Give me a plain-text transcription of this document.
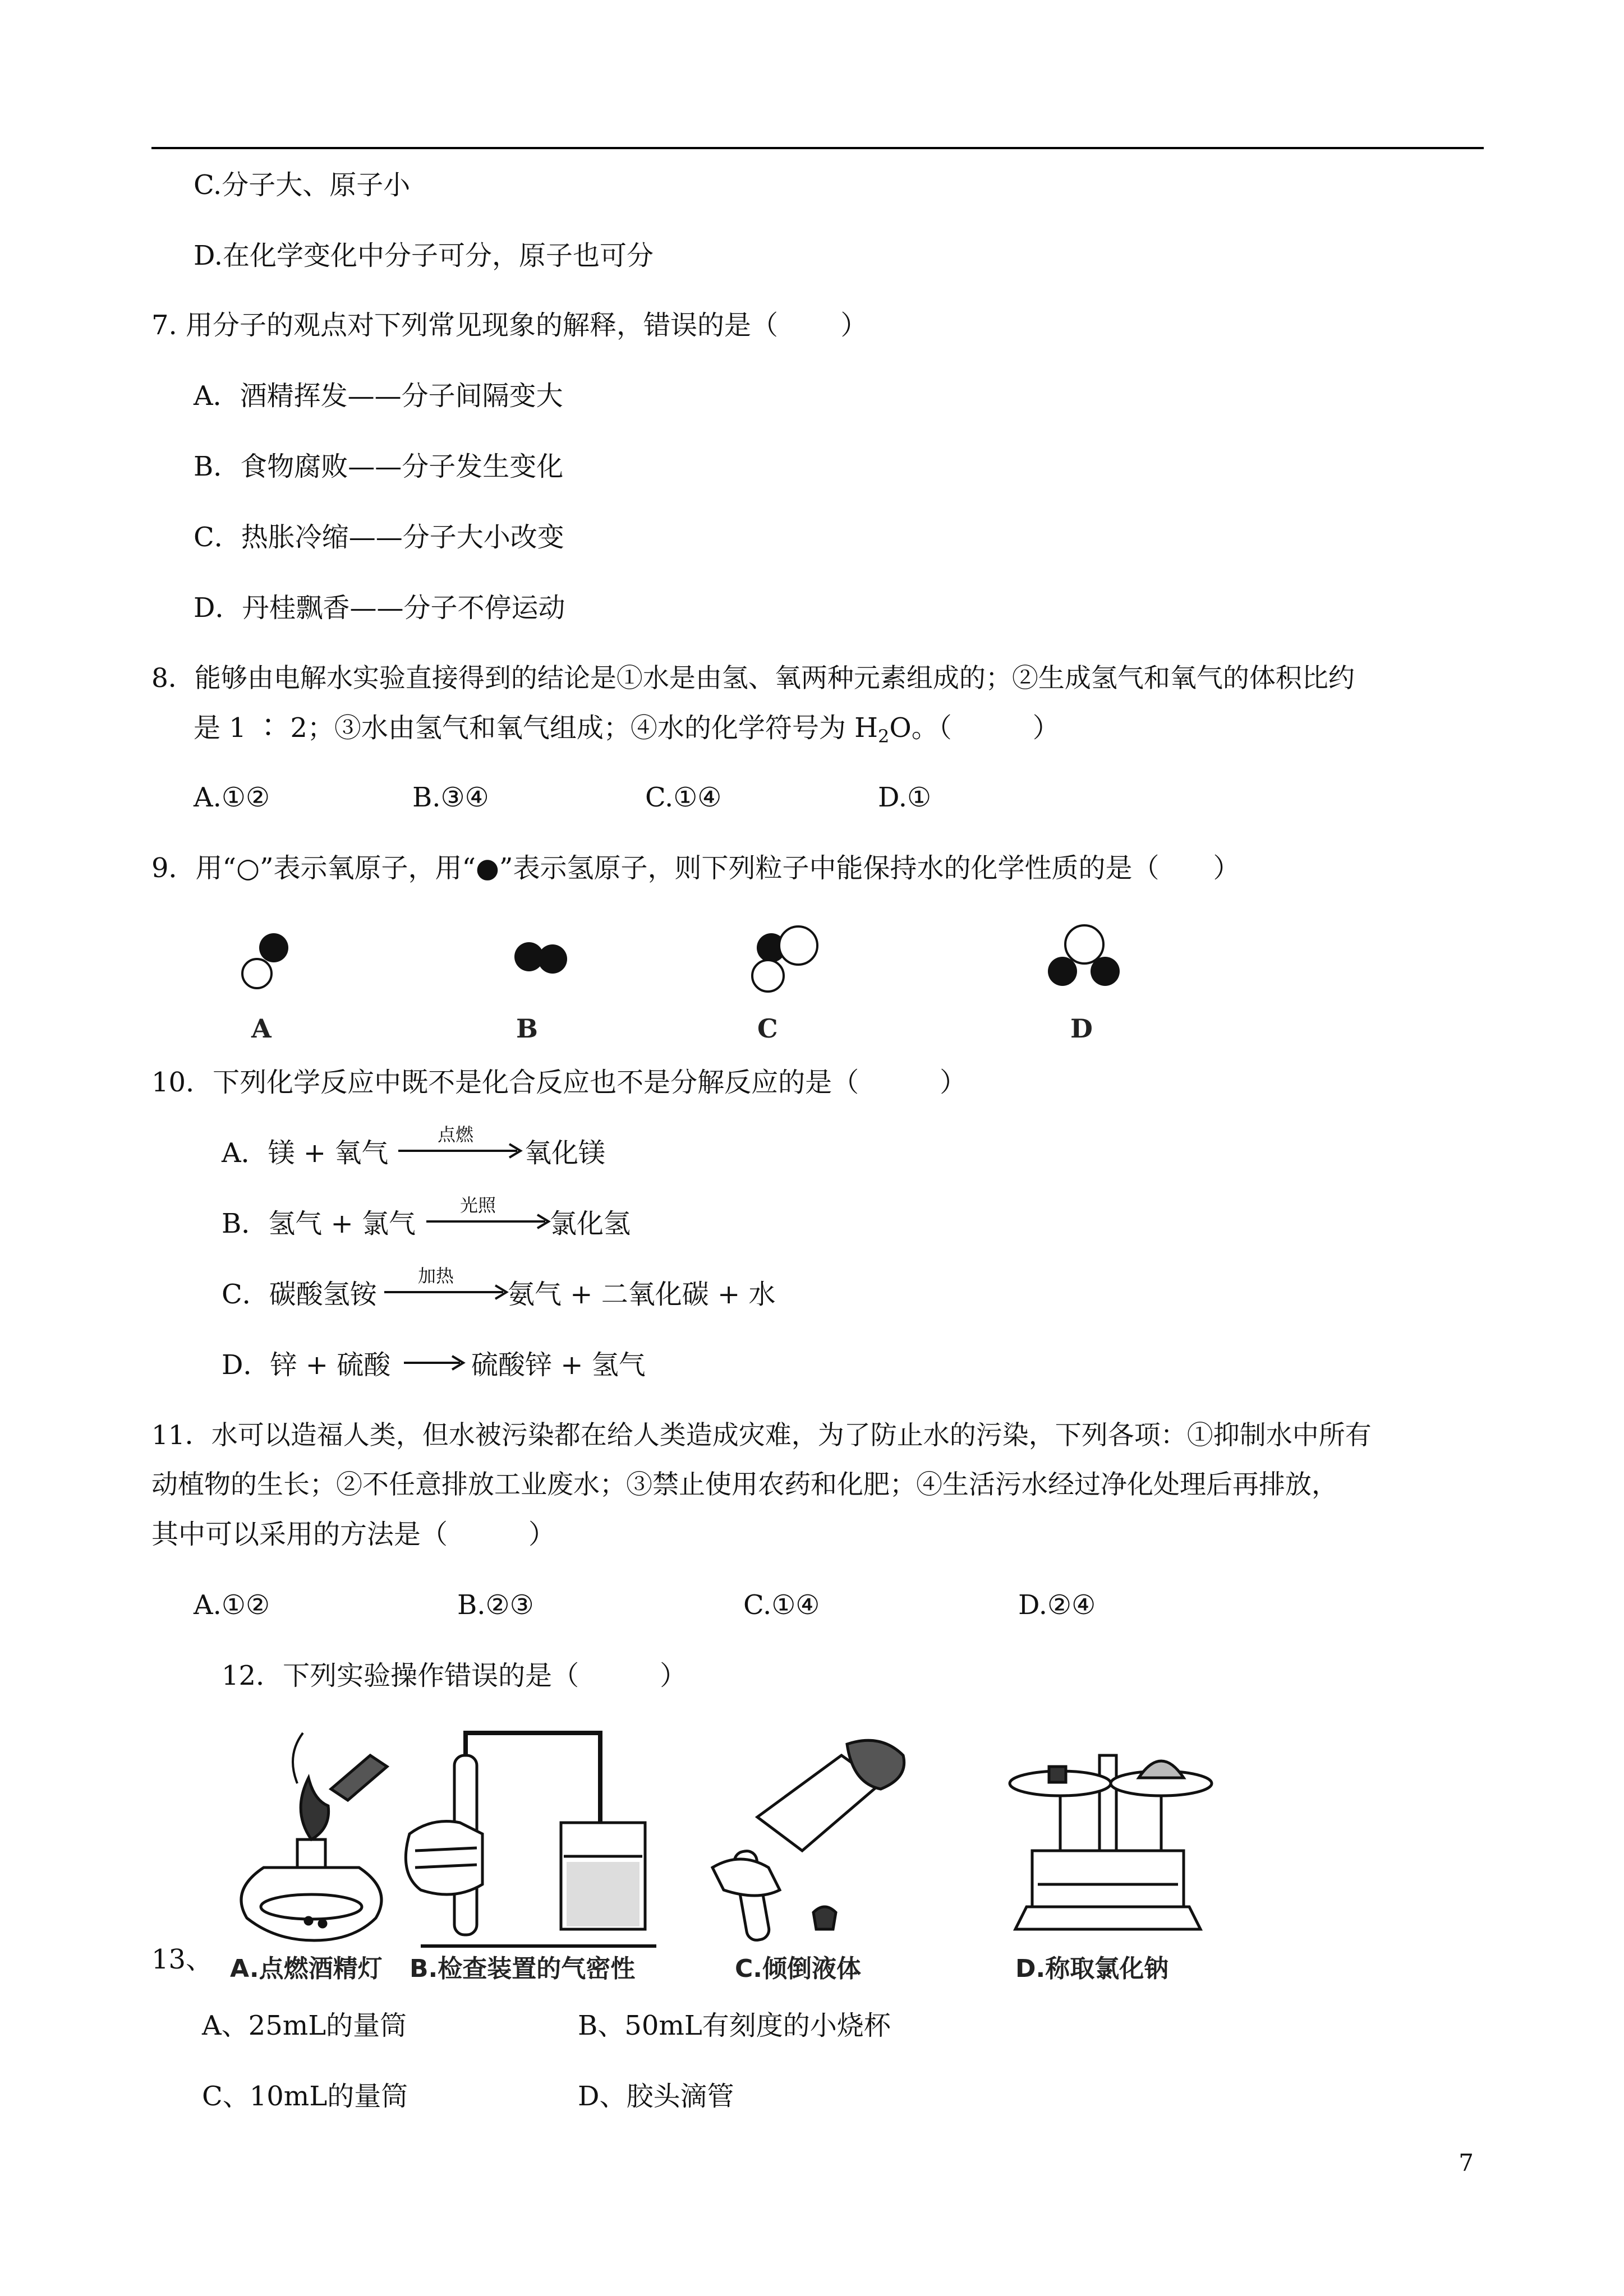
C.分子大、原子小
D.在化学变化中分子可分，原子也可分
7. 用分子的观点对下列常见现象的解释，错误的是（　　 ）
A．酒精挥发——分子间隔变大
B．食物腐败——分子发生变化
C．热胀冷缩——分子大小改变
D．丹桂飘香——分子不停运动
8．能够由电解水实验直接得到的结论是①水是由氢、氧两种元素组成的；②生成氢气和氧气的体积比约
是 1 ∶ 2；③水由氢气和氧气组成；④水的化学符号为 $H_2O$。（　　　）
A.①②	B.③④	C.①④	D.①
9．用“○”表示氧原子，用“●”表示氢原子，则下列粒子中能保持水的化学性质的是（　　）
A	B	C	D
10．下列化学反应中既不是化合反应也不是分解反应的是（　　　）
A．镁 + 氧气
点燃
氧化镁
B．氢气 + 氯气
光照
氯化氢
C．碳酸氢铵
加热
氨气 + 二氧化碳 + 水
D．锌 + 硫酸	硫酸锌 + 氢气
11．水可以造福人类，但水被污染都在给人类造成灾难，为了防止水的污染，下列各项：①抑制水中所有
动植物的生长；②不任意排放工业废水；③禁止使用农药和化肥；④生活污水经过净化处理后再排放，
其中可以采用的方法是（　　　）
A.①②	B.②③	C.①④	D.②④
12．下列实验操作错误的是（　　　）
13、 A.点燃酒精灯 B.检查装置的气密性	C.倾倒液体	D.称取氯化钠
A、25mL的量筒	B、50mL有刻度的小烧杯
C、10mL的量筒	D、胶头滴管
7
